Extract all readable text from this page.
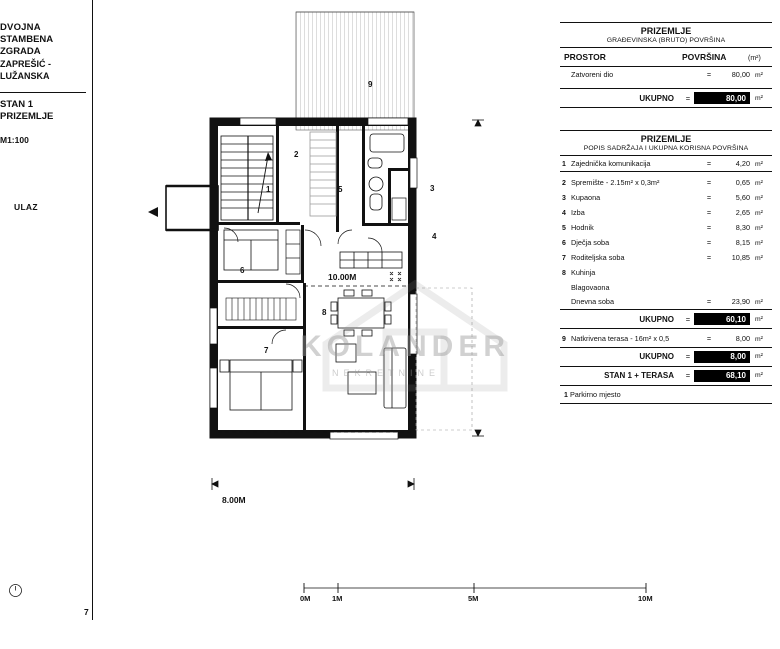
DVOJNA
STAMBENA ZGRADA
ZAPREŠIĆ - LUŽANSKA
STAN 1
PRIZEMLJE
M1:100
7
1
2
3
4
5
6
7
8
9
ULAZ
10.00M
8.00M
KOLANDER
NEKRETNINE
0M	1M	5M	10M
PRIZEMLJE
GRAĐEVINSKA (BRUTO) POVRŠINA
PROSTOR	POVRŠINA	(m²)
Zatvoreni dio	=	80,00 m²
UKUPNO	=	80,00	m²
PRIZEMLJE
POPIS SADRŽAJA I UKUPNA KORISNA POVRŠINA
1 Zajednička komunikacija	=	4,20 m²
2 Spremište - 2.15m² x 0,3m²	=	0,65 m²
3 Kupaona	=	5,60 m²
4 Izba	=	2,65 m²
5 Hodnik	=	8,30 m²
6 Dječja soba	=	8,15 m²
7 Roditeljska soba	=	10,85 m²
8 Kuhinja
Blagovaona
Dnevna soba	=	23,90 m²
UKUPNO	=	60,10	m²
9 Natkrivena terasa - 16m² x 0,5	=	8,00 m²
UKUPNO	=	8,00	m²
STAN 1 + TERASA	=	68,10	m²
1 Parkirno mjesto
